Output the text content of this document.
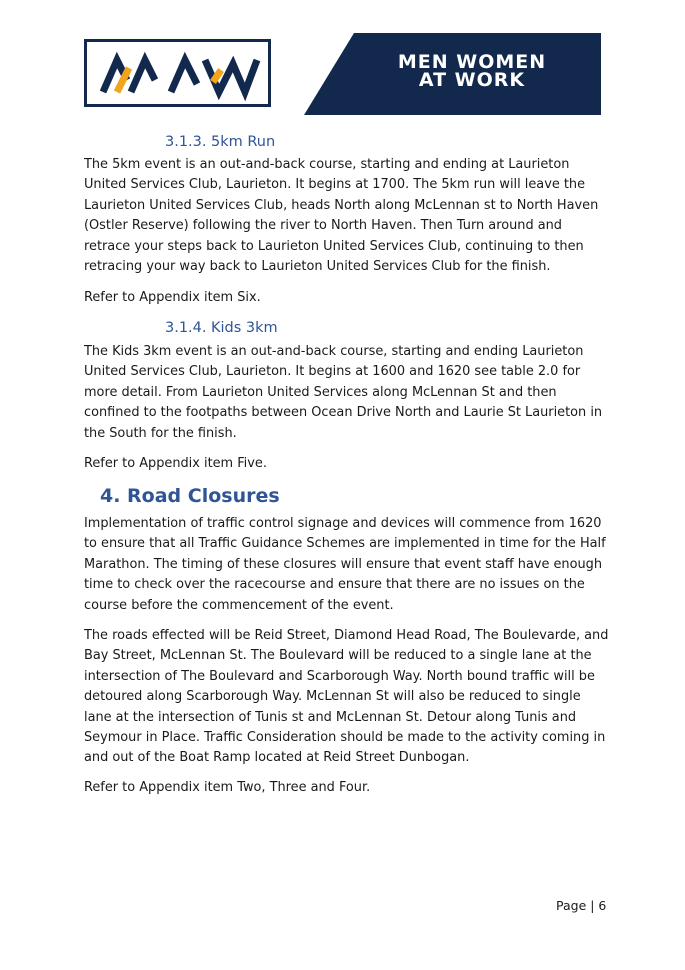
MEN WOMEN
AT WORK
3.1.3. 5km Run

The 5km event is an out-and-back course, starting and ending at Laurieton United Services Club, Laurieton. It begins at 1700. The 5km run will leave the Laurieton United Services Club, heads North along McLennan st to North Haven (Ostler Reserve) following the river to North Haven. Then Turn around and retrace your steps back to Laurieton United Services Club, continuing to then retracing your way back to Laurieton United Services Club for the finish.

Refer to Appendix item Six.

3.1.4. Kids 3km

The Kids 3km event is an out-and-back course, starting and ending Laurieton United Services Club, Laurieton. It begins at 1600 and 1620 see table 2.0 for more detail. From Laurieton United Services along McLennan St and then confined to the footpaths between Ocean Drive North and Laurie St Laurieton in the South for the finish.

Refer to Appendix item Five.

4. Road Closures

Implementation of traffic control signage and devices will commence from 1620 to ensure that all Traffic Guidance Schemes are implemented in time for the Half Marathon. The timing of these closures will ensure that event staff have enough time to check over the racecourse and ensure that there are no issues on the course before the commencement of the event.

The roads effected will be Reid Street, Diamond Head Road, The Boulevarde, and Bay Street, McLennan St. The Boulevard will be reduced to a single lane at the intersection of The Boulevard and Scarborough Way. North bound traffic will be detoured along Scarborough Way. McLennan St will also be reduced to single lane at the intersection of Tunis st and McLennan St. Detour along Tunis and Seymour in Place. Traffic Consideration should be made to the activity coming in and out of the Boat Ramp located at Reid Street Dunbogan.

Refer to Appendix item Two, Three and Four.

Page | 6
